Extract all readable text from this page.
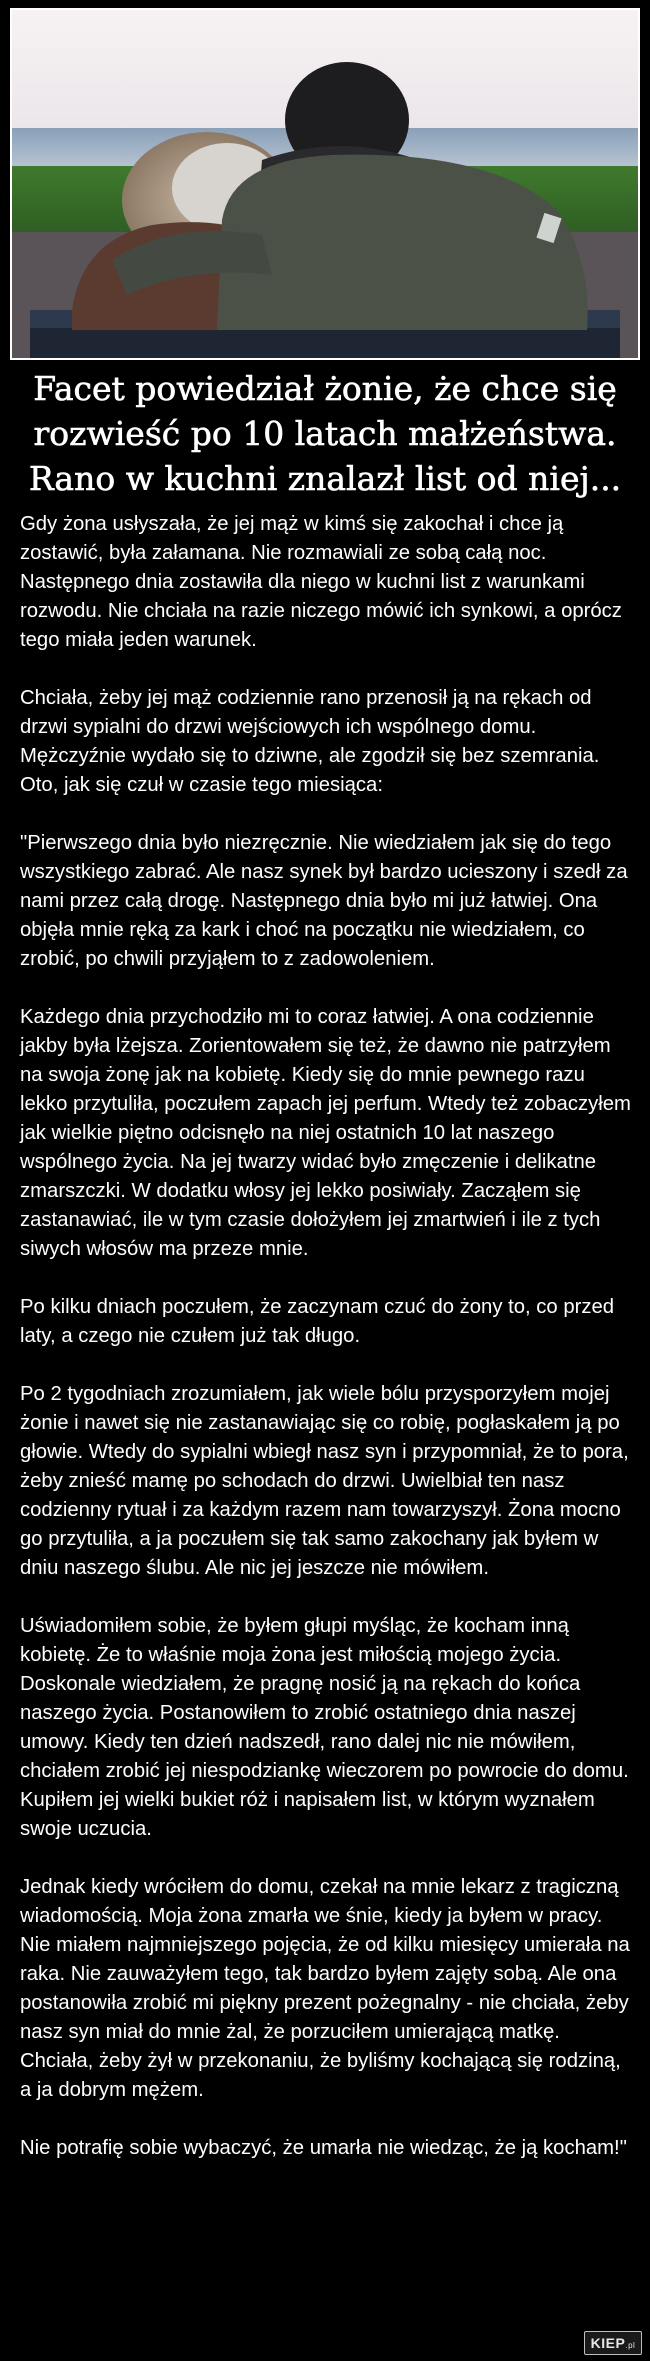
Facet powiedział żonie, że chce się rozwieść po 10 latach małżeństwa. Rano w kuchni znalazł list od niej...

Gdy żona usłyszała, że jej mąż w kimś się zakochał i chce ją zostawić, była załamana. Nie rozmawiali ze sobą całą noc. Następnego dnia zostawiła dla niego w kuchni list z warunkami rozwodu. Nie chciała na razie niczego mówić ich synkowi, a oprócz tego miała jeden warunek.

Chciała, żeby jej mąż codziennie rano przenosił ją na rękach od drzwi sypialni do drzwi wejściowych ich wspólnego domu. Mężczyźnie wydało się to dziwne, ale zgodził się bez szemrania. Oto, jak się czuł w czasie tego miesiąca:

"Pierwszego dnia było niezręcznie. Nie wiedziałem jak się do tego wszystkiego zabrać. Ale nasz synek był bardzo ucieszony i szedł za nami przez całą drogę. Następnego dnia było mi już łatwiej. Ona objęła mnie ręką za kark i choć na początku nie wiedziałem, co zrobić, po chwili przyjąłem to z zadowoleniem.

Każdego dnia przychodziło mi to coraz łatwiej. A ona codziennie jakby była lżejsza. Zorientowałem się też, że dawno nie patrzyłem na swoja żonę jak na kobietę. Kiedy się do mnie pewnego razu lekko przytuliła, poczułem zapach jej perfum. Wtedy też zobaczyłem jak wielkie piętno odcisnęło na niej ostatnich 10 lat naszego wspólnego życia. Na jej twarzy widać było zmęczenie i delikatne zmarszczki. W dodatku włosy jej lekko posiwiały. Zacząłem się zastanawiać, ile w tym czasie dołożyłem jej zmartwień i ile z tych siwych włosów ma przeze mnie.

Po kilku dniach poczułem, że zaczynam czuć do żony to, co przed laty, a czego nie czułem już tak długo.

Po 2 tygodniach zrozumiałem, jak wiele bólu przysporzyłem mojej żonie i nawet się nie zastanawiając się co robię, pogłaskałem ją po głowie. Wtedy do sypialni wbiegł nasz syn i przypomniał, że to pora, żeby znieść mamę po schodach do drzwi. Uwielbiał ten nasz codzienny rytuał i za każdym razem nam towarzyszył. Żona mocno go przytuliła, a ja poczułem się tak samo zakochany jak byłem w dniu naszego ślubu. Ale nic jej jeszcze nie mówiłem.

Uświadomiłem sobie, że byłem głupi myśląc, że kocham inną kobietę. Że to właśnie moja żona jest miłością mojego życia. Doskonale wiedziałem, że pragnę nosić ją na rękach do końca naszego życia. Postanowiłem to zrobić ostatniego dnia naszej umowy. Kiedy ten dzień nadszedł, rano dalej nic nie mówiłem, chciałem zrobić jej niespodziankę wieczorem po powrocie do domu. Kupiłem jej wielki bukiet róż i napisałem list, w którym wyznałem swoje uczucia.

Jednak kiedy wróciłem do domu, czekał na mnie lekarz z tragiczną wiadomością. Moja żona zmarła we śnie, kiedy ja byłem w pracy. Nie miałem najmniejszego pojęcia, że od kilku miesięcy umierała na raka. Nie zauważyłem tego, tak bardzo byłem zajęty sobą. Ale ona postanowiła zrobić mi piękny prezent pożegnalny - nie chciała, żeby nasz syn miał do mnie żal, że porzuciłem umierającą matkę. Chciała, żeby żył w przekonaniu, że byliśmy kochającą się rodziną, a ja dobrym mężem.

Nie potrafię sobie wybaczyć, że umarła nie wiedząc, że ją kocham!"

KIEP.pl
